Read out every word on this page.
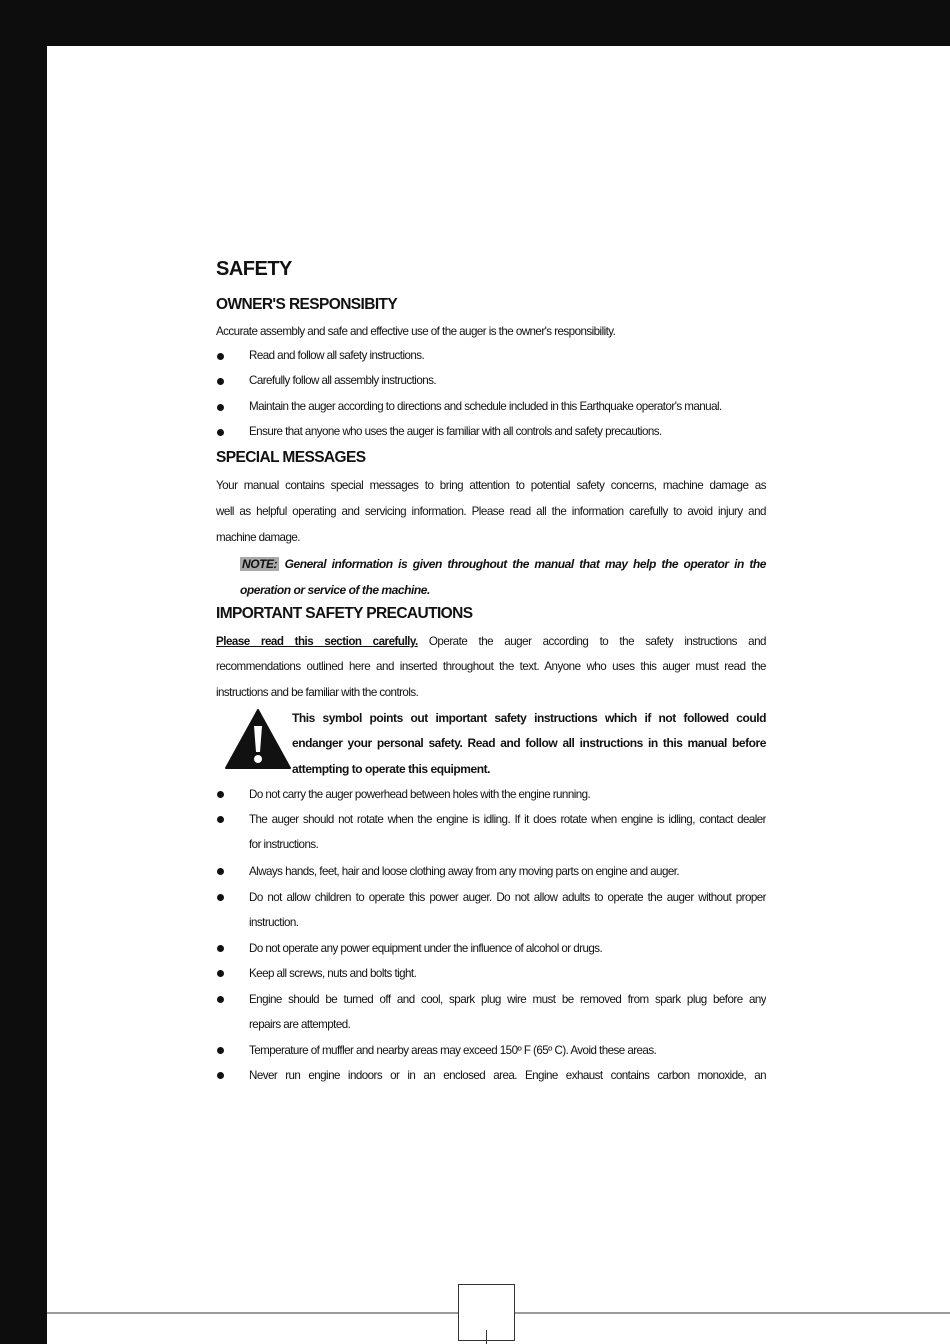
SAFETY
OWNER'S RESPONSIBITY
Accurate assembly and safe and effective use of the auger is the owner's responsibility.
Read and follow all safety instructions.
Carefully follow all assembly instructions.
Maintain the auger according to directions and schedule included in this Earthquake operator's manual.
Ensure that anyone who uses the auger is familiar with all controls and safety precautions.
SPECIAL MESSAGES
Your manual contains special messages to bring attention to potential safety concerns, machine damage as
well as helpful operating and servicing information. Please read all the information carefully to avoid injury and
machine damage.
NOTE: General information is given throughout the manual that may help the operator in the
operation or service of the machine.
IMPORTANT SAFETY PRECAUTIONS
Please read this section carefully. Operate the auger according to the safety instructions and
recommendations outlined here and inserted throughout the text. Anyone who uses this auger must read the
instructions and be familiar with the controls.
This symbol points out important safety instructions which if not followed could
endanger your personal safety. Read and follow all instructions in this manual before
attempting to operate this equipment.
Do not carry the auger powerhead between holes with the engine running.
The auger should not rotate when the engine is idling. If it does rotate when engine is idling, contact dealer
for instructions.
Always hands, feet, hair and loose clothing away from any moving parts on engine and auger.
Do not allow children to operate this power auger. Do not allow adults to operate the auger without proper
instruction.
Do not operate any power equipment under the influence of alcohol or drugs.
Keep all screws, nuts and bolts tight.
Engine should be turned off and cool, spark plug wire must be removed from spark plug before any
repairs are attempted.
Temperature of muffler and nearby areas may exceed 150º F (65º C). Avoid these areas.
Never run engine indoors or in an enclosed area. Engine exhaust contains carbon monoxide, an
